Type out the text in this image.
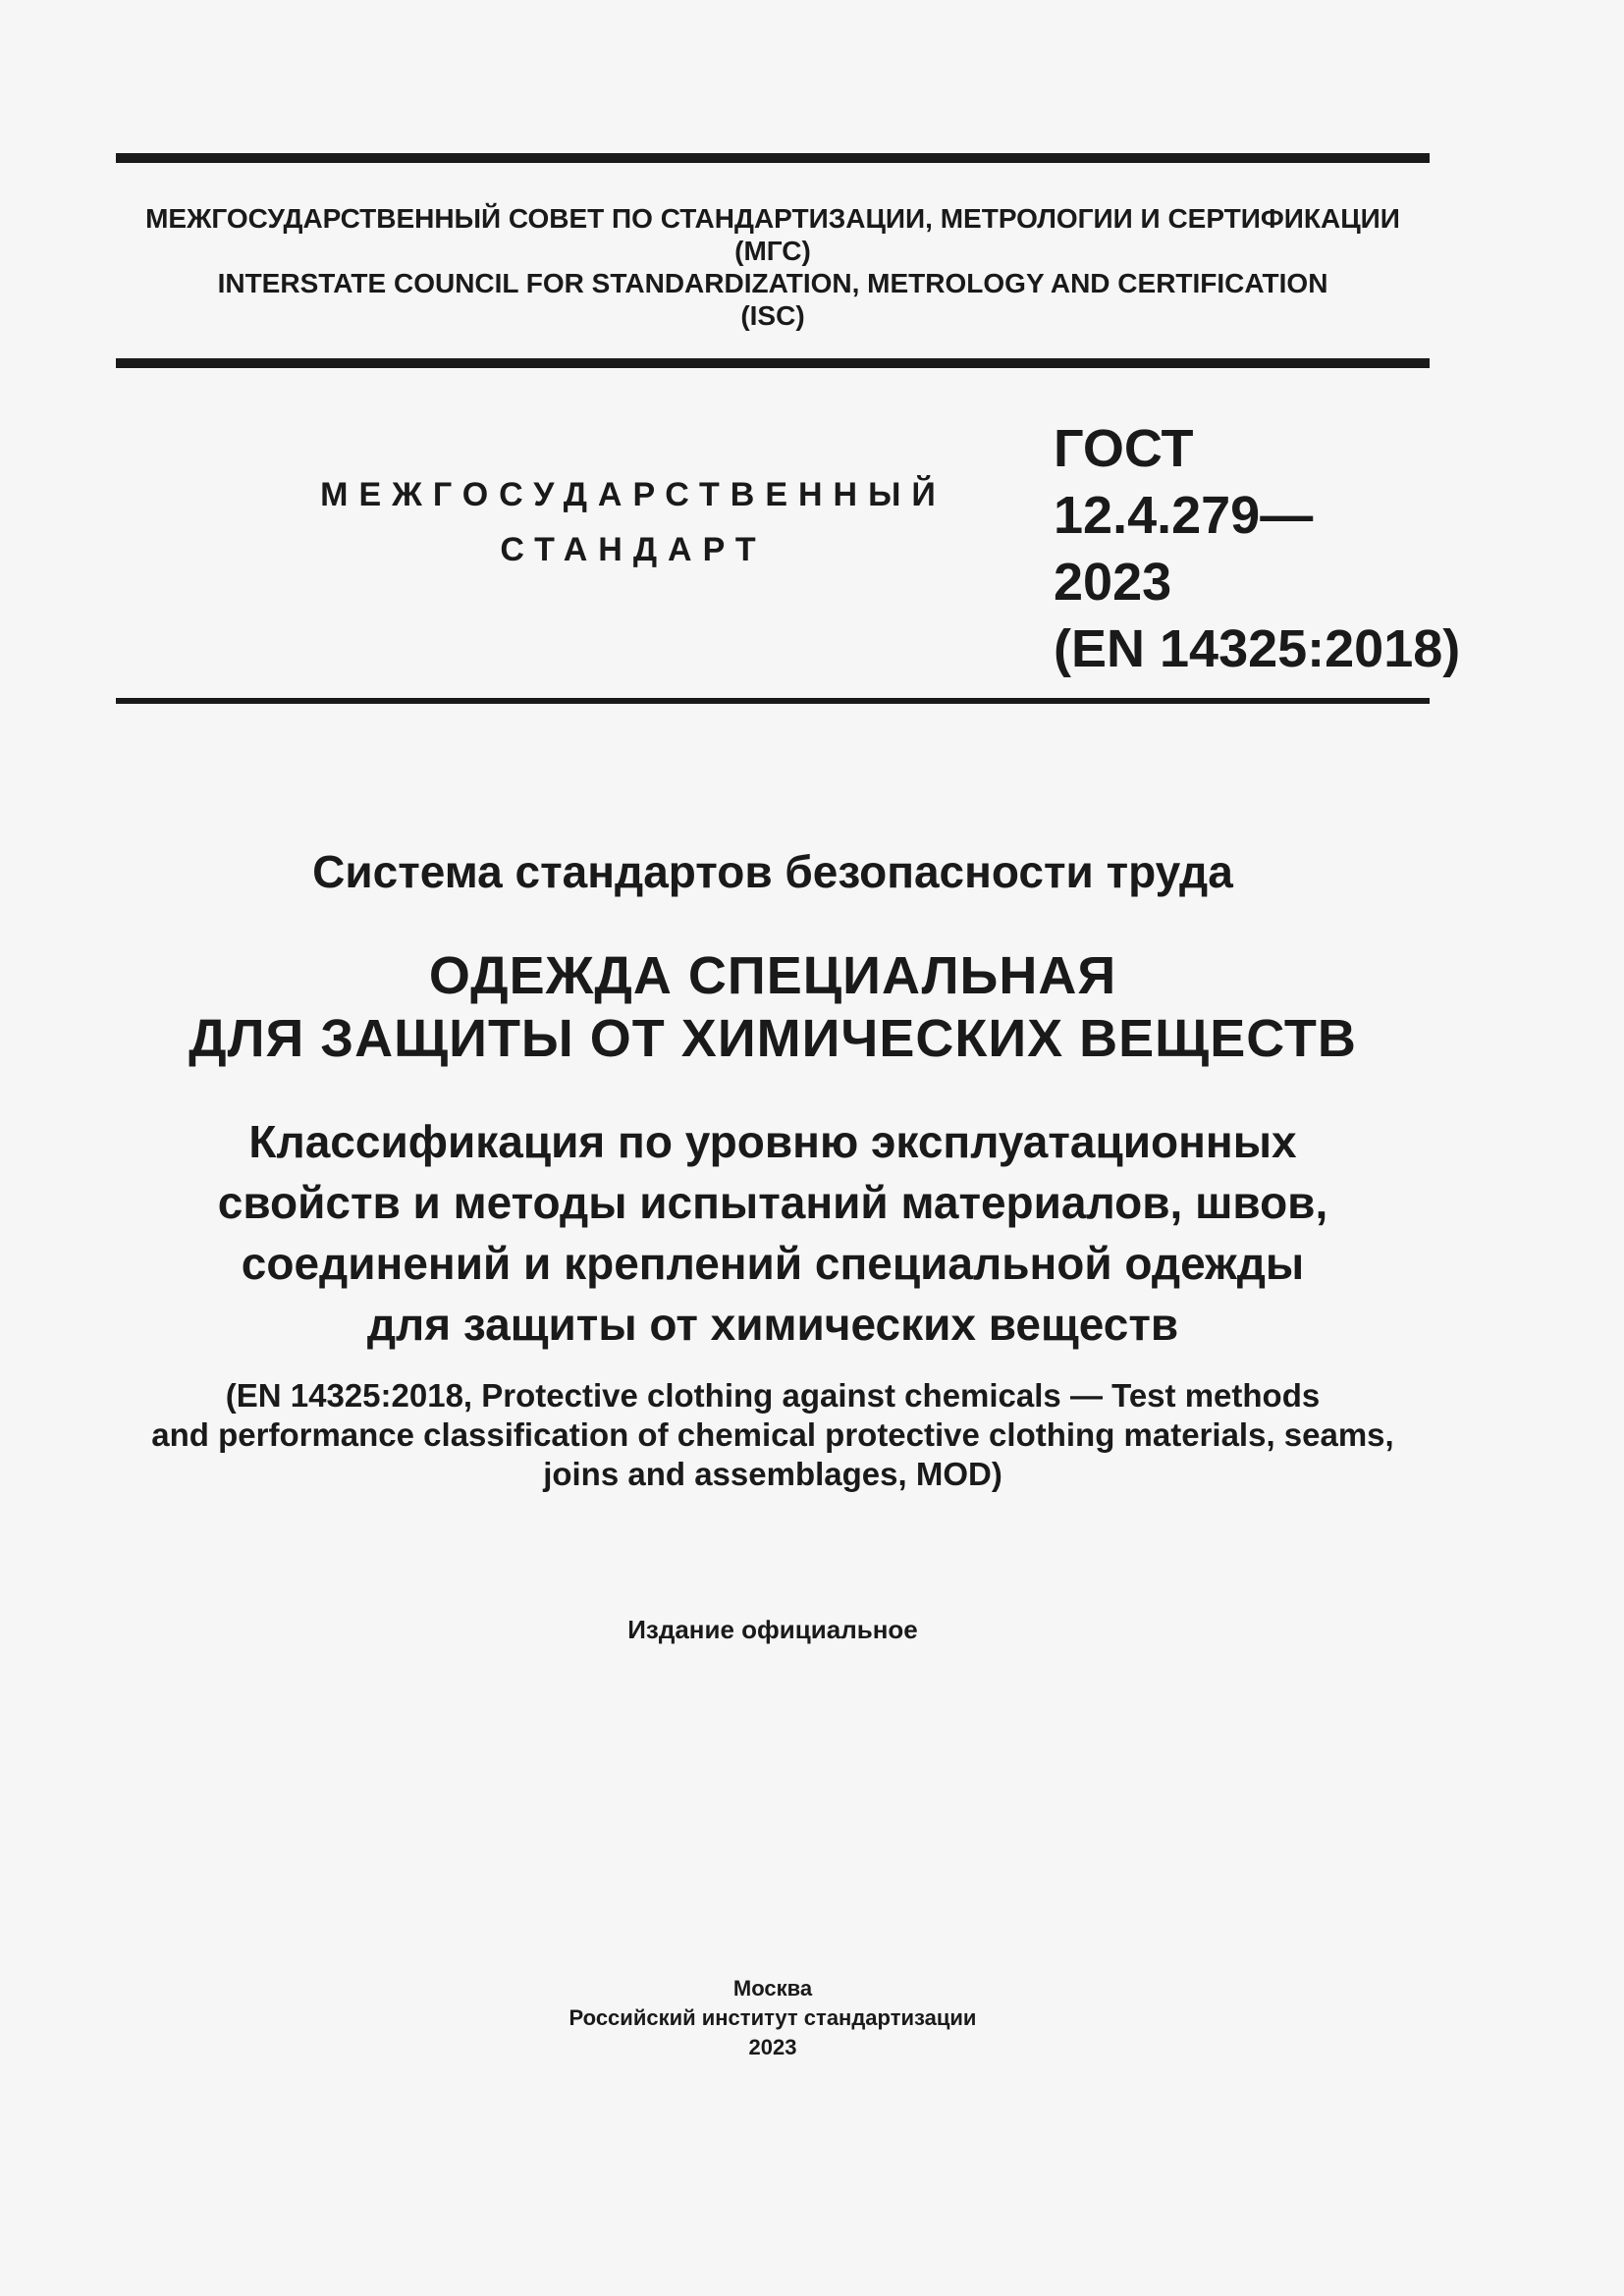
МЕЖГОСУДАРСТВЕННЫЙ СОВЕТ ПО СТАНДАРТИЗАЦИИ, МЕТРОЛОГИИ И СЕРТИФИКАЦИИ
(МГС)
INTERSTATE COUNCIL FOR STANDARDIZATION, METROLOGY AND CERTIFICATION
(ISC)
МЕЖГОСУДАРСТВЕННЫЙ
СТАНДАРТ
ГОСТ
12.4.279—
2023
(EN 14325:2018)
Система стандартов безопасности труда
ОДЕЖДА СПЕЦИАЛЬНАЯ
ДЛЯ ЗАЩИТЫ ОТ ХИМИЧЕСКИХ ВЕЩЕСТВ
Классификация по уровню эксплуатационных
свойств и методы испытаний материалов, швов,
соединений и креплений специальной одежды
для защиты от химических веществ
(EN 14325:2018, Protective clothing against chemicals — Test methods
and performance classification of chemical protective clothing materials, seams,
joins and assemblages, MOD)
Издание официальное
Москва
Российский институт стандартизации
2023
